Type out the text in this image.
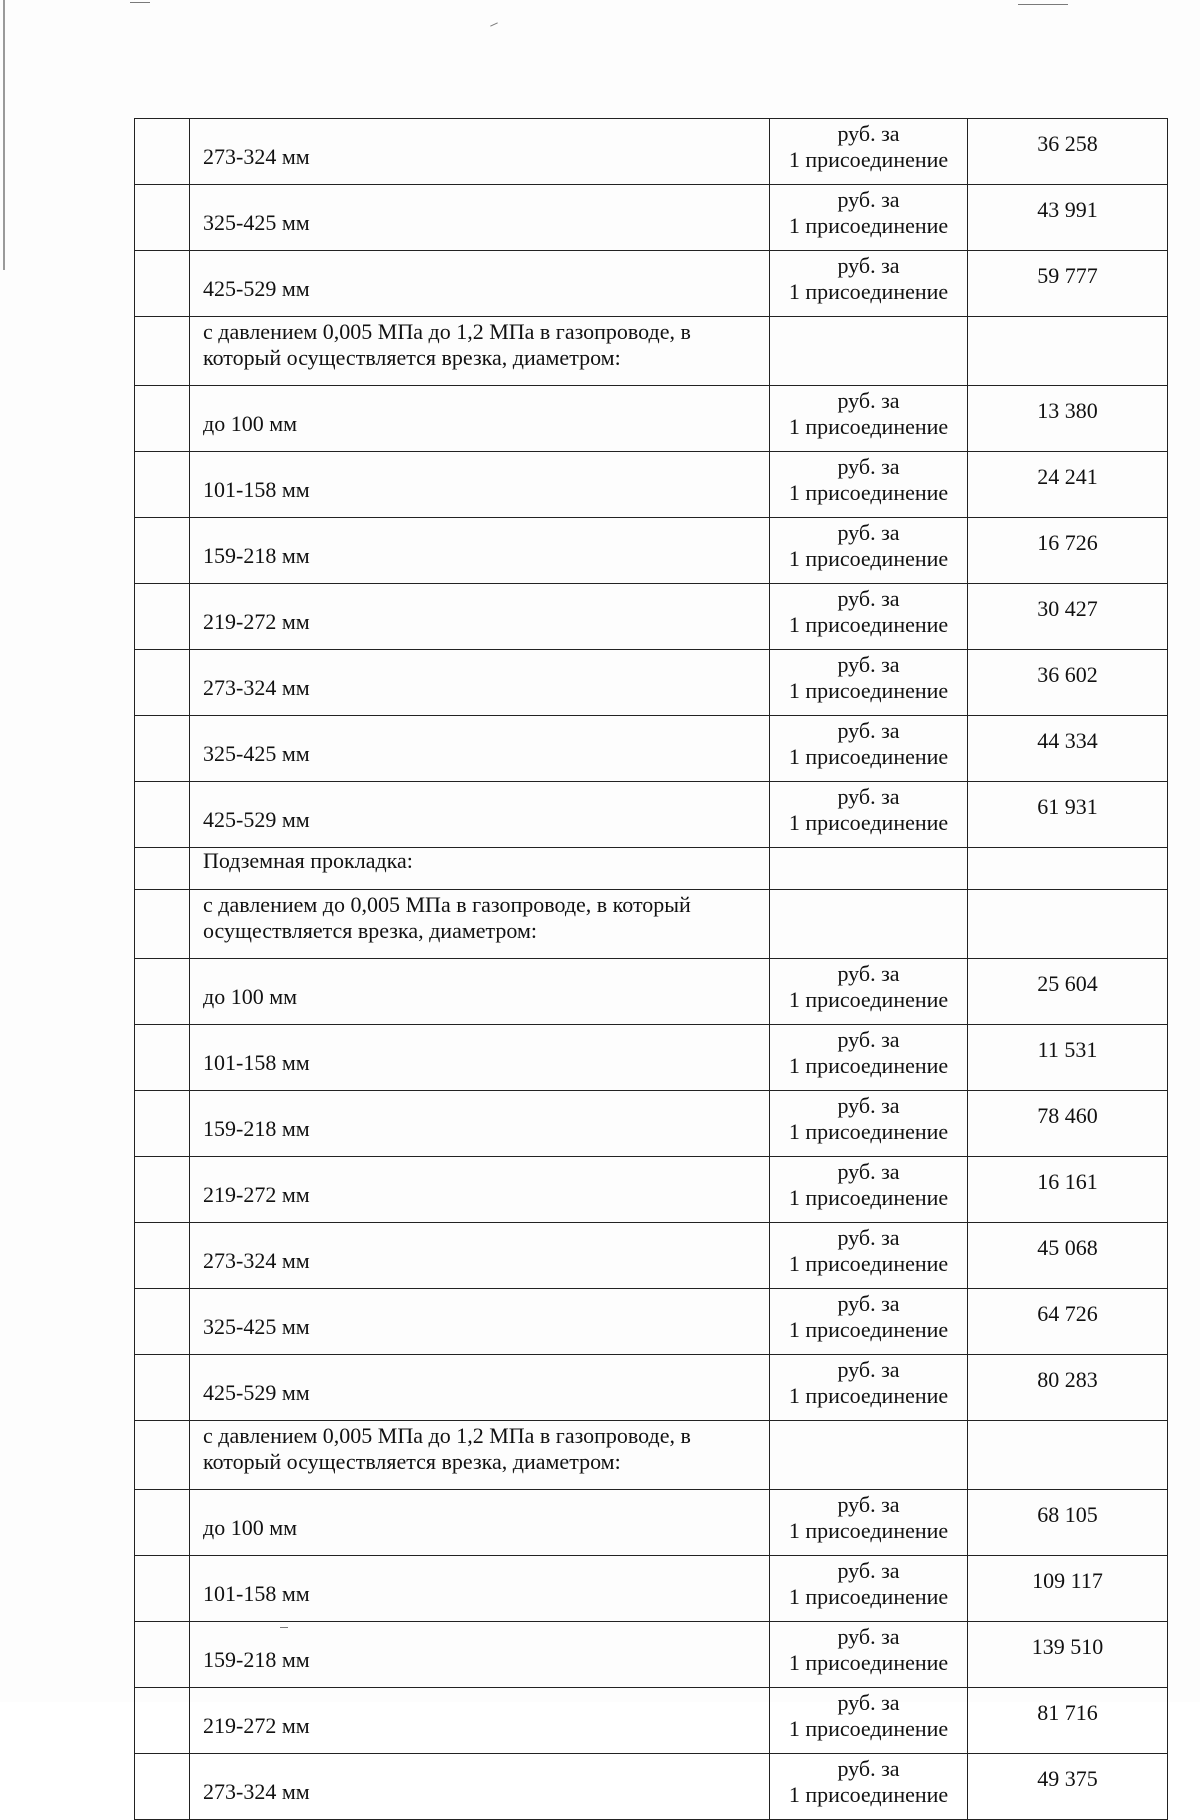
	273-324 мм	руб. за
1 присоединение	36 258
	325-425 мм	руб. за
1 присоединение	43 991
	425-529 мм	руб. за
1 присоединение	59 777
	с давлением 0,005 МПа до 1,2 МПа в газопроводе, в который осуществляется врезка, диаметром:		
	до 100 мм	руб. за
1 присоединение	13 380
	101-158 мм	руб. за
1 присоединение	24 241
	159-218 мм	руб. за
1 присоединение	16 726
	219-272 мм	руб. за
1 присоединение	30 427
	273-324 мм	руб. за
1 присоединение	36 602
	325-425 мм	руб. за
1 присоединение	44 334
	425-529 мм	руб. за
1 присоединение	61 931
	Подземная прокладка:		
	с давлением до 0,005 МПа в газопроводе, в который осуществляется врезка, диаметром:		
	до 100 мм	руб. за
1 присоединение	25 604
	101-158 мм	руб. за
1 присоединение	11 531
	159-218 мм	руб. за
1 присоединение	78 460
	219-272 мм	руб. за
1 присоединение	16 161
	273-324 мм	руб. за
1 присоединение	45 068
	325-425 мм	руб. за
1 присоединение	64 726
	425-529 мм	руб. за
1 присоединение	80 283
	с давлением 0,005 МПа до 1,2 МПа в газопроводе, в который осуществляется врезка, диаметром:		
	до 100 мм	руб. за
1 присоединение	68 105
	101-158 мм	руб. за
1 присоединение	109 117
	159-218 мм	руб. за
1 присоединение	139 510
	219-272 мм	руб. за
1 присоединение	81 716
	273-324 мм	руб. за
1 присоединение	49 375
